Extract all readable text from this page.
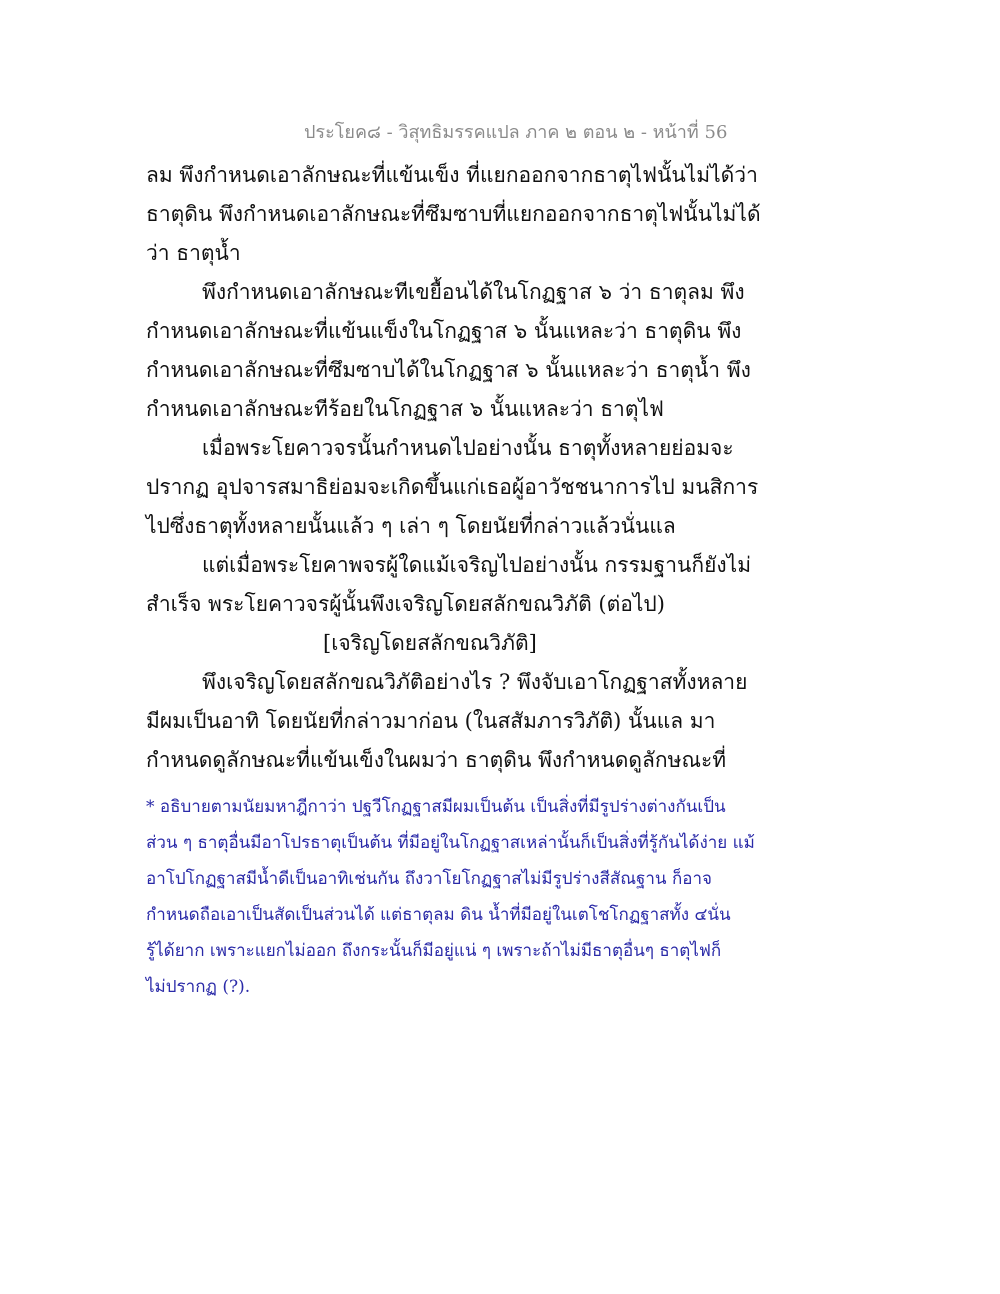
ประโยค๘ - วิสุทธิมรรคแปล ภาค ๒ ตอน ๒ - หน้าที่ 56
ลม พึงกำหนดเอาลักษณะที่แข้นเข็ง ที่แยกออกจากธาตุไฟนั้นไม่ได้ว่า
ธาตุดิน พึงกำหนดเอาลักษณะที่ซึมซาบที่แยกออกจากธาตุไฟนั้นไม่ได้
ว่า ธาตุน้ำ
พึงกำหนดเอาลักษณะทีเขยื้อนได้ในโกฏฐาส ๖ ว่า ธาตุลม พึง
กำหนดเอาลักษณะที่แข้นแข็งในโกฏฐาส ๖ นั้นแหละว่า ธาตุดิน พึง
กำหนดเอาลักษณะที่ซึมซาบได้ในโกฏฐาส ๖ นั้นแหละว่า ธาตุน้ำ พึง
กำหนดเอาลักษณะทีร้อยในโกฏฐาส ๖ นั้นแหละว่า ธาตุไฟ
เมื่อพระโยคาวจรนั้นกำหนดไปอย่างนั้น ธาตุทั้งหลายย่อมจะ
ปรากฏ อุปจารสมาธิย่อมจะเกิดขึ้นแก่เธอผู้อาวัชชนาการไป มนสิการ
ไปซึ่งธาตุทั้งหลายนั้นแล้ว ๆ เล่า ๆ โดยนัยที่กล่าวแล้วนั่นแล
แต่เมื่อพระโยคาพจรผู้ใดแม้เจริญไปอย่างนั้น กรรมฐานก็ยังไม่
สำเร็จ พระโยคาวจรผู้นั้นพึงเจริญโดยสลักขณวิภัติ (ต่อไป)
[เจริญโดยสลักขณวิภัติ]
พึงเจริญโดยสลักขณวิภัติอย่างไร ? พึงจับเอาโกฏฐาสทั้งหลาย
มีผมเป็นอาทิ โดยนัยที่กล่าวมาก่อน (ในสสัมภารวิภัติ) นั้นแล มา
กำหนดดูลักษณะที่แข้นเข็งในผมว่า ธาตุดิน พึงกำหนดดูลักษณะที่
* อธิบายตามนัยมหาฎีกาว่า ปฐวีโกฏฐาสมีผมเป็นต้น เป็นสิ่งที่มีรูปร่างต่างกันเป็น
ส่วน ๆ ธาตุอื่นมีอาโปรธาตุเป็นต้น ที่มีอยู่ในโกฏฐาสเหล่านั้นก็เป็นสิ่งที่รู้กันได้ง่าย แม้
อาโปโกฏฐาสมีน้ำดีเป็นอาทิเช่นกัน ถึงวาโยโกฏฐาสไม่มีรูปร่างสีสัณฐาน ก็อาจ
กำหนดถือเอาเป็นสัดเป็นส่วนได้ แต่ธาตุลม ดิน น้ำที่มีอยู่ในเตโชโกฏฐาสทั้ง ๔นั่น
รู้ได้ยาก เพราะแยกไม่ออก ถึงกระนั้นก็มีอยู่แน่ ๆ เพราะถ้าไม่มีธาตุอื่นๆ ธาตุไฟก็
ไม่ปรากฏ (?).
